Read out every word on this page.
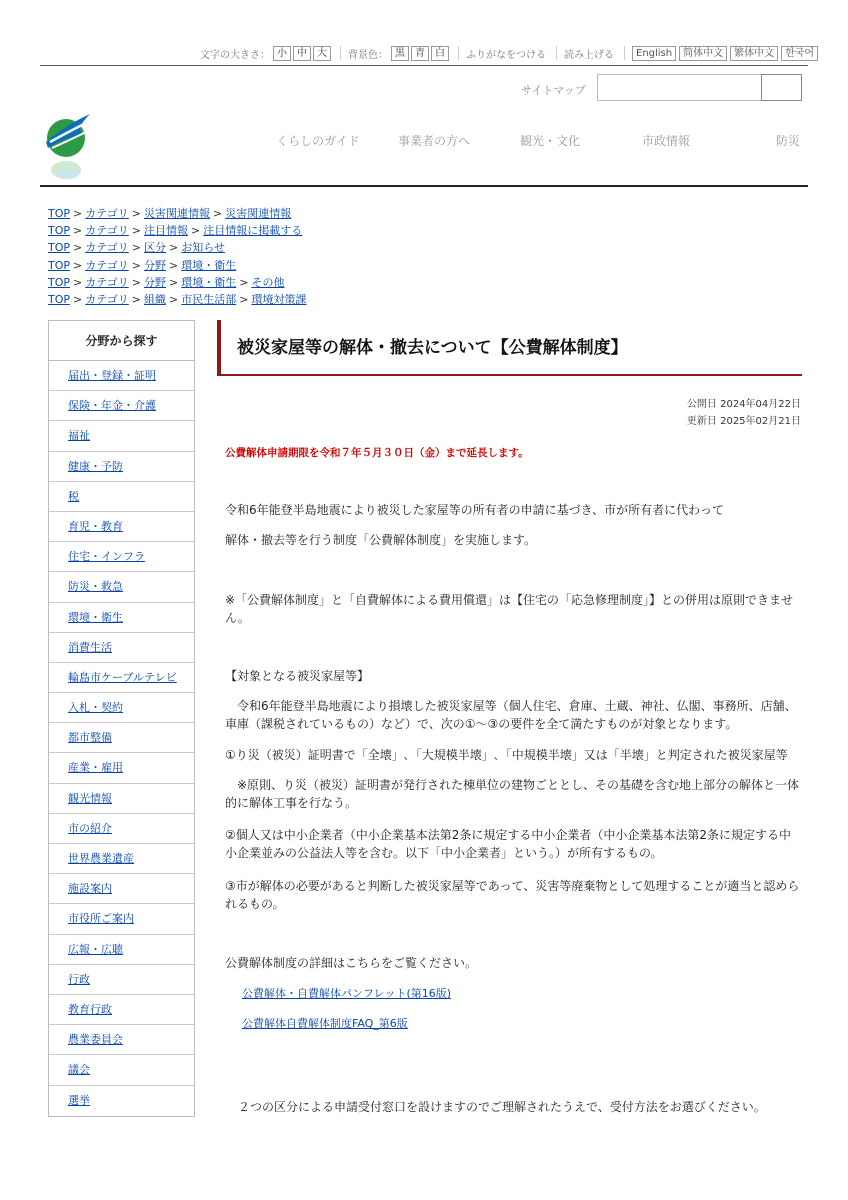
文字の大きさ： 小	中	大	背景色： 黒	青	白	ふりがなをつける 読み上げる	English	简体中文	繁体中文	한국어
サイトマップ
くらしのガイド	事業者の方へ	観光・文化	市政情報	防災
TOP > カテゴリ > 災害関連情報 > 災害関連情報
TOP > カテゴリ > 注目情報 > 注目情報に掲載する
TOP > カテゴリ > 区分 > お知らせ
TOP > カテゴリ > 分野 > 環境・衛生
TOP > カテゴリ > 分野 > 環境・衛生 > その他
TOP > カテゴリ > 組織 > 市民生活部 > 環境対策課
分野から探す
届出・登録・証明
保険・年金・介護
福祉
健康・予防
税
育児・教育
住宅・インフラ
防災・救急
環境・衛生
消費生活
輪島市ケーブルテレビ
入札・契約
都市整備
産業・雇用
観光情報
市の紹介
世界農業遺産
施設案内
市役所ご案内
広報・広聴
行政
教育行政
農業委員会
議会
選挙
被災家屋等の解体・撤去について【公費解体制度】
公開日 2024年04月22日
更新日 2025年02月21日
公費解体申請期限を令和７年５月３０日（金）まで延長します。
令和6年能登半島地震により被災した家屋等の所有者の申請に基づき、市が所有者に代わって
解体・撤去等を行う制度「公費解体制度」を実施します。
※「公費解体制度」と「自費解体による費用償還」は【住宅の「応急修理制度」】との併用は原則できません。
【対象となる被災家屋等】
　令和6年能登半島地震により損壊した被災家屋等（個人住宅、倉庫、土蔵、神社、仏閣、事務所、店舗、車庫（課税されているもの）など）で、次の①～③の要件を全て満たすものが対象となります。
①り災（被災）証明書で「全壊」､「大規模半壊」､「中規模半壊」又は「半壊」と判定された被災家屋等
　※原則、り災（被災）証明書が発行された棟単位の建物ごととし、その基礎を含む地上部分の解体と一体的に解体工事を行なう。
②個人又は中小企業者（中小企業基本法第2条に規定する中小企業者（中小企業基本法第2条に規定する中小企業並みの公益法人等を含む。以下「中小企業者」という。）が所有するもの。
③市が解体の必要があると判断した被災家屋等であって、災害等廃棄物として処理することが適当と認められるもの。
公費解体制度の詳細はこちらをご覧ください。
公費解体・自費解体パンフレット(第16版)
公費解体自費解体制度FAQ_第6版
２つの区分による申請受付窓口を設けますのでご理解されたうえで、受付方法をお選びください。
